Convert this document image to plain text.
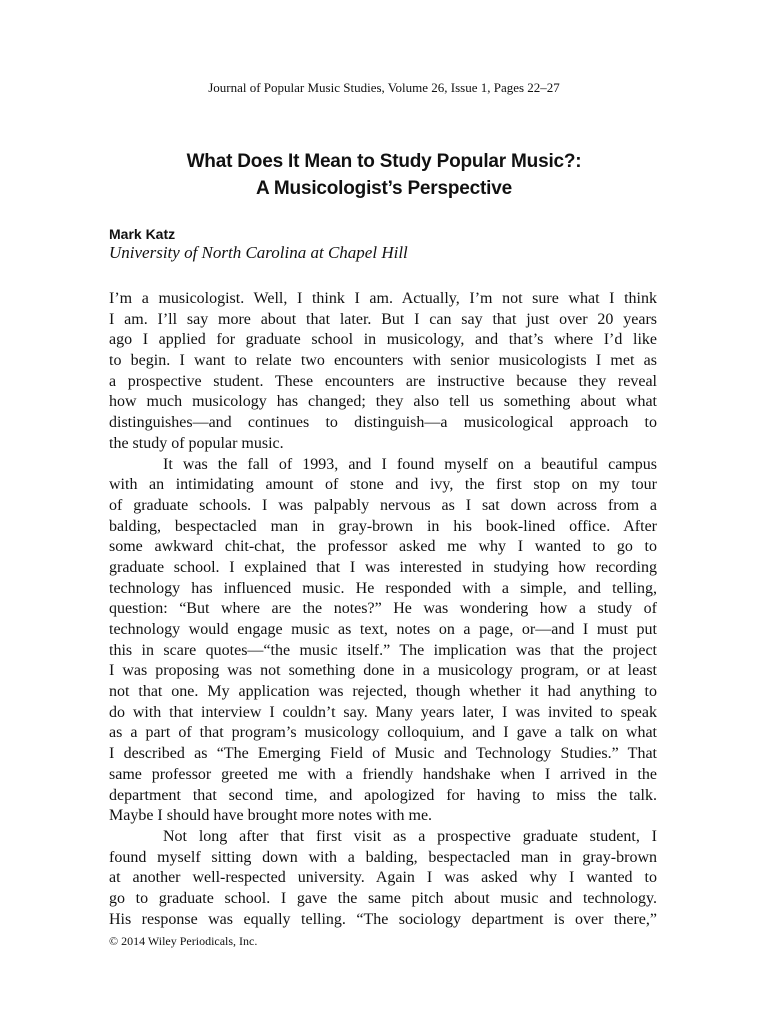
Journal of Popular Music Studies, Volume 26, Issue 1, Pages 22–27
What Does It Mean to Study Popular Music?:
A Musicologist’s Perspective
Mark Katz
University of North Carolina at Chapel Hill
I’m a musicologist. Well, I think I am. Actually, I’m not sure what I think
I am. I’ll say more about that later. But I can say that just over 20 years
ago I applied for graduate school in musicology, and that’s where I’d like
to begin. I want to relate two encounters with senior musicologists I met as
a prospective student. These encounters are instructive because they reveal
how much musicology has changed; they also tell us something about what
distinguishes—and continues to distinguish—a musicological approach to
the study of popular music.
It was the fall of 1993, and I found myself on a beautiful campus
with an intimidating amount of stone and ivy, the first stop on my tour
of graduate schools. I was palpably nervous as I sat down across from a
balding, bespectacled man in gray-brown in his book-lined office. After
some awkward chit-chat, the professor asked me why I wanted to go to
graduate school. I explained that I was interested in studying how recording
technology has influenced music. He responded with a simple, and telling,
question: “But where are the notes?” He was wondering how a study of
technology would engage music as text, notes on a page, or—and I must put
this in scare quotes—“the music itself.” The implication was that the project
I was proposing was not something done in a musicology program, or at least
not that one. My application was rejected, though whether it had anything to
do with that interview I couldn’t say. Many years later, I was invited to speak
as a part of that program’s musicology colloquium, and I gave a talk on what
I described as “The Emerging Field of Music and Technology Studies.” That
same professor greeted me with a friendly handshake when I arrived in the
department that second time, and apologized for having to miss the talk.
Maybe I should have brought more notes with me.
Not long after that first visit as a prospective graduate student, I
found myself sitting down with a balding, bespectacled man in gray-brown
at another well-respected university. Again I was asked why I wanted to
go to graduate school. I gave the same pitch about music and technology.
His response was equally telling. “The sociology department is over there,”
© 2014 Wiley Periodicals, Inc.
